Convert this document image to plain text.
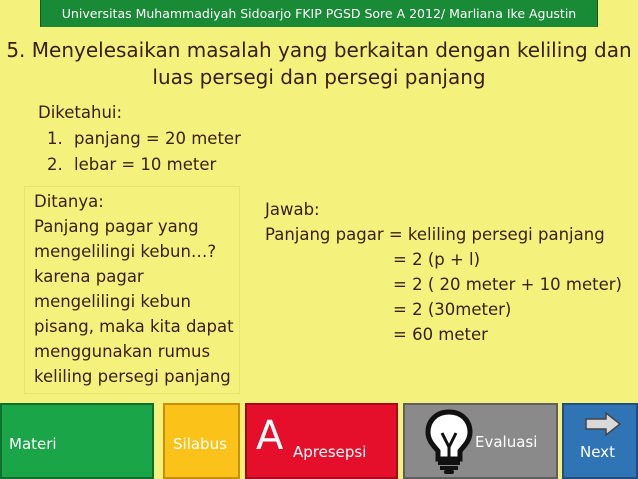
Universitas Muhammadiyah Sidoarjo FKIP PGSD Sore A 2012/ Marliana Ike Agustin
5. Menyelesaikan masalah yang berkaitan dengan keliling dan
luas persegi dan persegi panjang
Diketahui:
1. panjang = 20 meter
2. lebar = 10 meter
Ditanya:
Panjang pagar yang
mengelilingi kebun…?
karena pagar
mengelilingi kebun
pisang, maka kita dapat
menggunakan rumus
keliling persegi panjang
Jawab:
Panjang pagar = keliling persegi panjang
= 2 (p + l)
= 2 ( 20 meter + 10 meter)
= 2 (30meter)
= 60 meter
Materi	Silabus A Apresepsi
Evaluasi
Next
